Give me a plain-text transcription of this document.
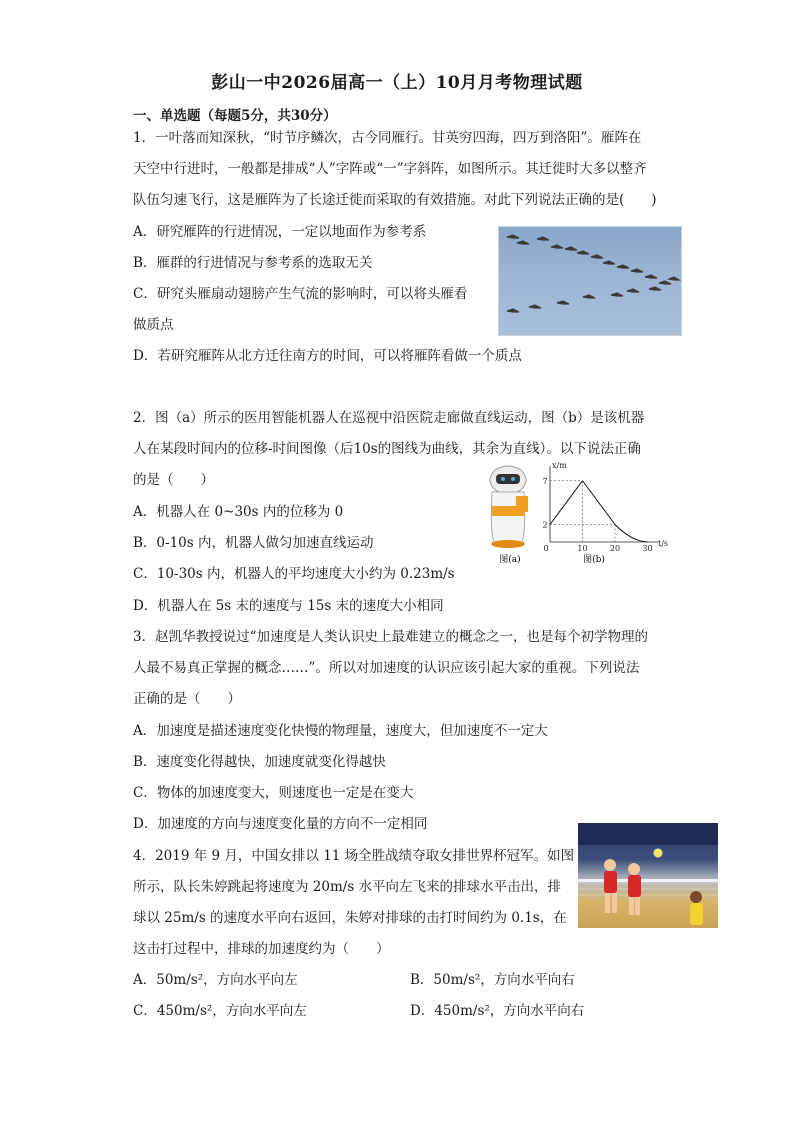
彭山一中2026届高一（上）10月月考物理试题
一、单选题（每题5分，共30分）
1．一叶落而知深秋，“时节序鳞次，古今同雁行。甘英穷四海，四万到洛阳”。雁阵在
天空中行进时，一般都是排成“人”字阵或“一”字斜阵，如图所示。其迁徙时大多以整齐
队伍匀速飞行，这是雁阵为了长途迁徙而采取的有效措施。对此下列说法正确的是(　　)
A．研究雁阵的行进情况，一定以地面作为参考系
B．雁群的行进情况与参考系的选取无关
C．研究头雁扇动翅膀产生气流的影响时，可以将头雁看
做质点
D．若研究雁阵从北方迁往南方的时间，可以将雁阵看做一个质点
2．图（a）所示的医用智能机器人在巡视中沿医院走廊做直线运动，图（b）是该机器
人在某段时间内的位移-时间图像（后10s的图线为曲线，其余为直线）。以下说法正确
的是（　　）
A．机器人在 0~30s 内的位移为 0
B．0-10s 内，机器人做匀加速直线运动
C．10-30s 内，机器人的平均速度大小约为 0.23m/s
D．机器人在 5s 末的速度与 15s 末的速度大小相同
图(a)	图(b)
t/s
x/m
0
2
7
10	20	30
3．赵凯华教授说过“加速度是人类认识史上最难建立的概念之一，也是每个初学物理的
人最不易真正掌握的概念……”。所以对加速度的认识应该引起大家的重视。下列说法
正确的是（　　）
A．加速度是描述速度变化快慢的物理量，速度大，但加速度不一定大
B．速度变化得越快，加速度就变化得越快
C．物体的加速度变大，则速度也一定是在变大
D．加速度的方向与速度变化量的方向不一定相同
4．2019 年 9 月，中国女排以 11 场全胜战绩夺取女排世界杯冠军。如图
所示，队长朱婷跳起将速度为 20m/s 水平向左飞来的排球水平击出，排
球以 25m/s 的速度水平向右返回，朱婷对排球的击打时间约为 0.1s，在
这击打过程中，排球的加速度约为（　　）
A．50m/s²，方向水平向左	B．50m/s²，方向水平向右
C．450m/s²，方向水平向左	D．450m/s²，方向水平向右
